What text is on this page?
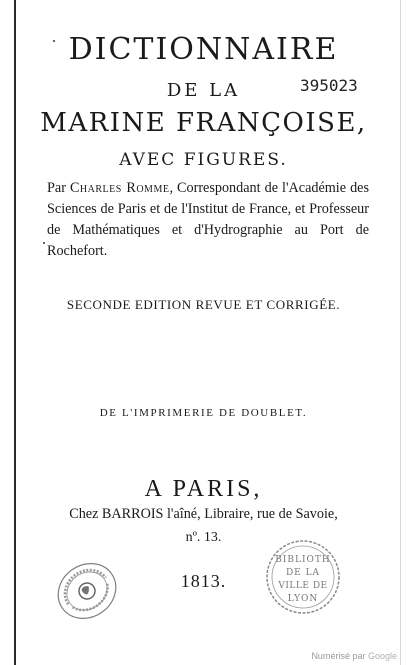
DICTIONNAIRE
DE LA	395023
MARINE FRANÇOISE,
AVEC FIGURES.
Par Charles Romme, Correspondant de l'Académie des Sciences de Paris et de l'Institut de France, et Professeur de Mathématiques et d'Hydrographie au Port de Rochefort.
SECONDE EDITION REVUE ET CORRIGÉE.
DE L'IMPRIMERIE DE DOUBLET.
A PARIS,
Chez BARROIS l'aîné, Libraire, rue de Savoie,
nº. 13.
1813.
BIBLIOTH
DE LA
VILLE DE
LYON
Numérisé par Google
